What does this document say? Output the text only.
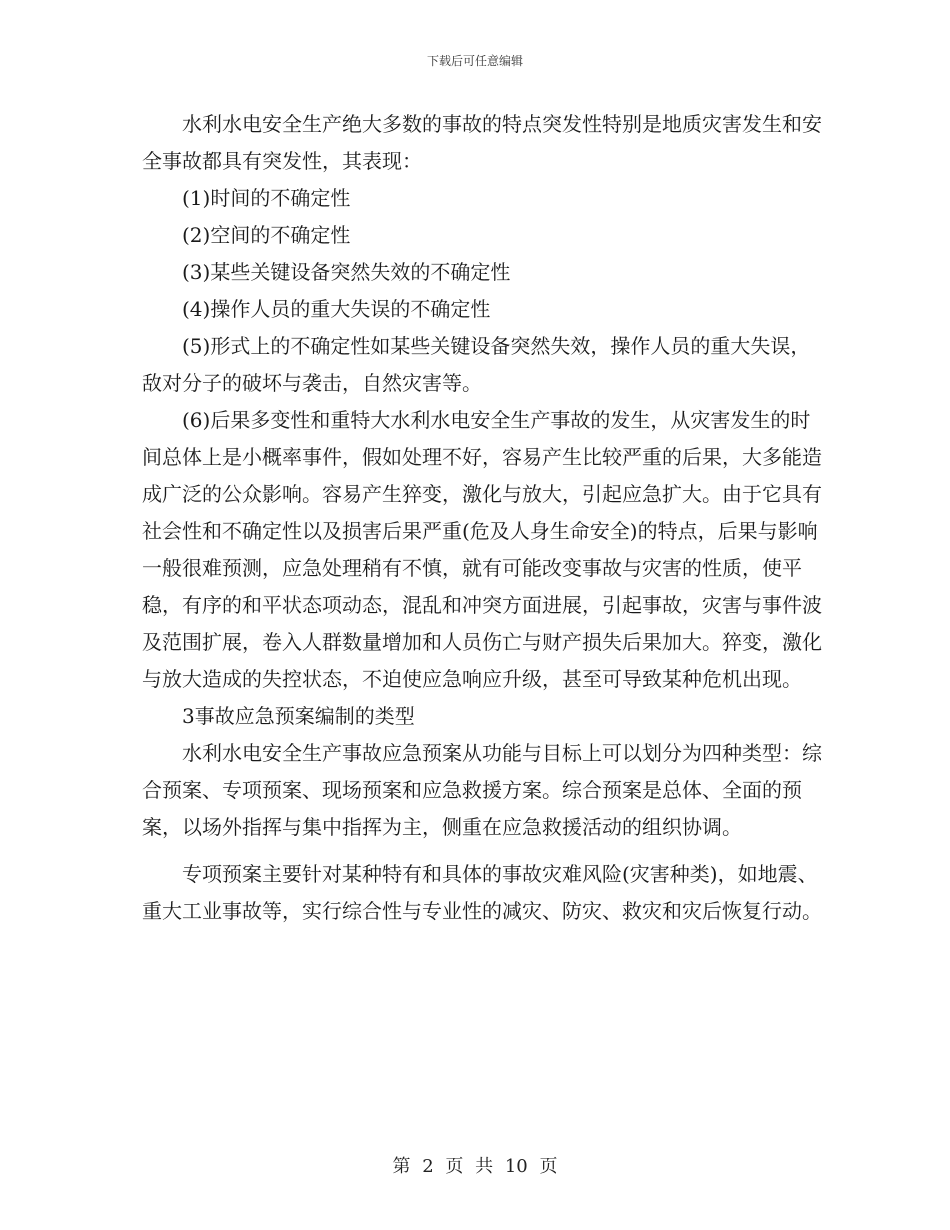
下载后可任意编辑

水利水电安全生产绝大多数的事故的特点突发性特别是地质灾害发生和安全事故都具有突发性，其表现：

(1)时间的不确定性

(2)空间的不确定性

(3)某些关键设备突然失效的不确定性

(4)操作人员的重大失误的不确定性

(5)形式上的不确定性如某些关键设备突然失效，操作人员的重大失误，敌对分子的破坏与袭击，自然灾害等。

(6)后果多变性和重特大水利水电安全生产事故的发生，从灾害发生的时间总体上是小概率事件，假如处理不好，容易产生比较严重的后果，大多能造成广泛的公众影响。容易产生猝变，激化与放大，引起应急扩大。由于它具有社会性和不确定性以及损害后果严重(危及人身生命安全)的特点，后果与影响一般很难预测，应急处理稍有不慎，就有可能改变事故与灾害的性质，使平稳，有序的和平状态项动态，混乱和冲突方面进展，引起事故，灾害与事件波及范围扩展，卷入人群数量增加和人员伤亡与财产损失后果加大。猝变，激化与放大造成的失控状态，不迫使应急响应升级，甚至可导致某种危机出现。

3事故应急预案编制的类型

水利水电安全生产事故应急预案从功能与目标上可以划分为四种类型：综合预案、专项预案、现场预案和应急救援方案。综合预案是总体、全面的预案，以场外指挥与集中指挥为主，侧重在应急救援活动的组织协调。

专项预案主要针对某种特有和具体的事故灾难风险(灾害种类)，如地震、重大工业事故等，实行综合性与专业性的减灾、防灾、救灾和灾后恢复行动。

第 2 页 共 10 页
